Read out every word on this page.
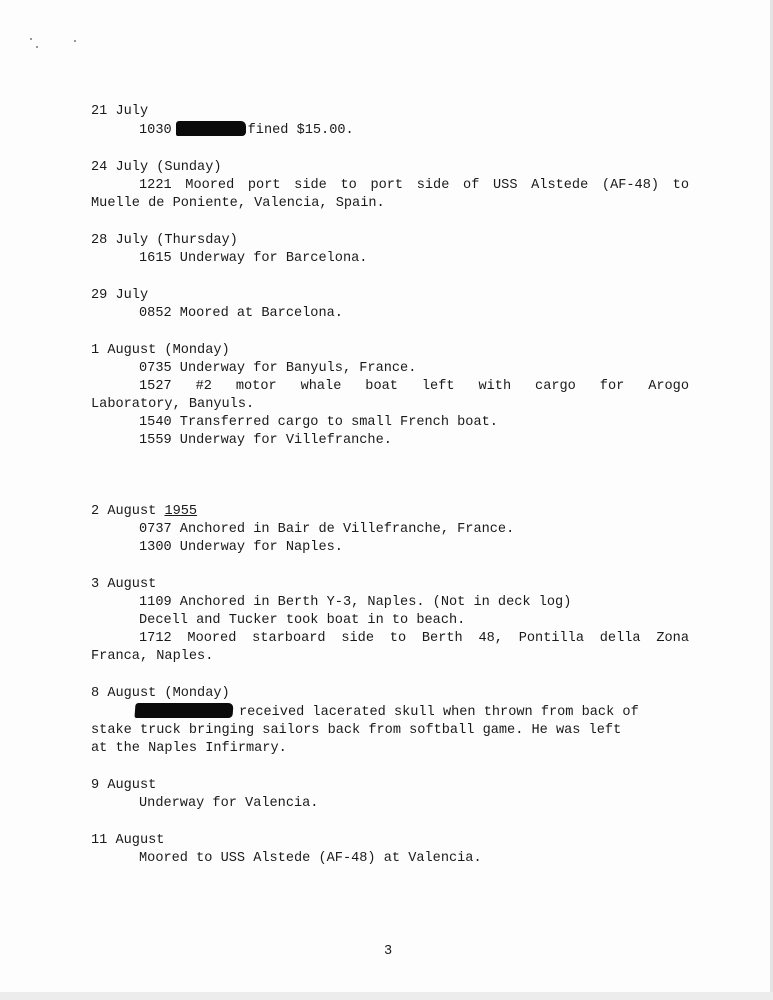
21 July
1030	fined $15.00.
24 July (Sunday)
1221 Moored port side to port side of USS Alstede (AF-48) to
Muelle de Poniente, Valencia, Spain.
28 July (Thursday)
1615 Underway for Barcelona.
29 July
0852 Moored at Barcelona.
1 August (Monday)
0735 Underway for Banyuls, France.
1527 #2 motor whale boat left with cargo for Arogo
Laboratory, Banyuls.
1540 Transferred cargo to small French boat.
1559 Underway for Villefranche.
2 August 1955
0737 Anchored in Bair de Villefranche, France.
1300 Underway for Naples.
3 August
1109 Anchored in Berth Y-3, Naples. (Not in deck log)
Decell and Tucker took boat in to beach.
1712 Moored starboard side to Berth 48, Pontilla della Zona
Franca, Naples.
8 August (Monday)
received lacerated skull when thrown from back of
stake truck bringing sailors back from softball game. He was left
at the Naples Infirmary.
9 August
Underway for Valencia.
11 August
Moored to USS Alstede (AF-48) at Valencia.
3
